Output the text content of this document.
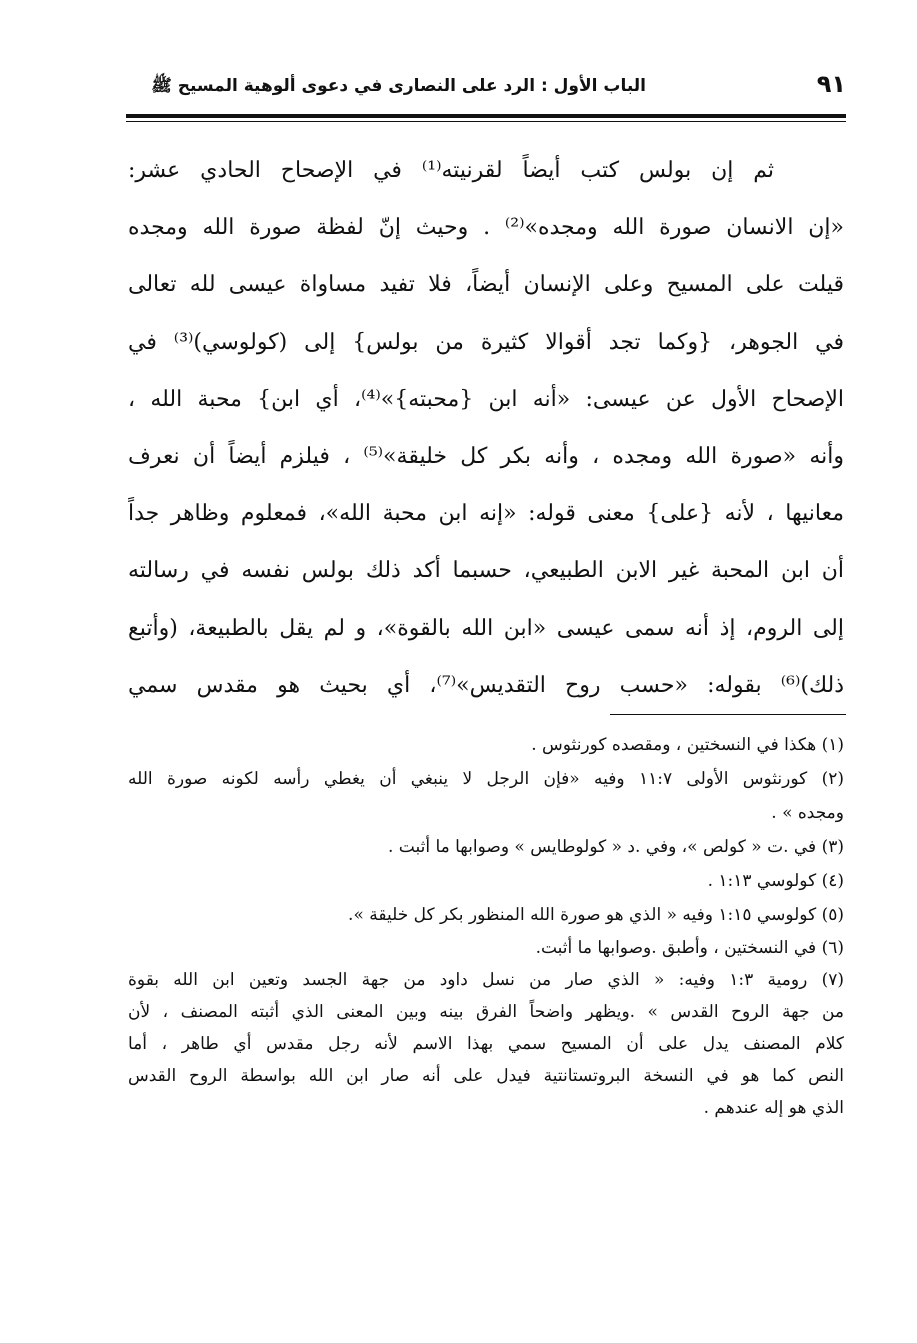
٩١
الباب الأول : الرد على النصارى في دعوى ألوهية المسيح ﷺ
ثم إن بولس كتب أيضاً لقرنيته⁽¹⁾ في الإصحاح الحادي عشر:
«إن الانسان صورة الله ومجده»⁽²⁾ . وحيث إنّ لفظة صورة الله ومجده
قيلت على المسيح وعلى الإنسان أيضاً، فلا تفيد مساواة عيسى لله تعالى
في الجوهر، {وكما تجد أقوالا كثيرة من بولس} إلى (كولوسي)⁽³⁾ في
الإصحاح الأول عن عيسى: «أنه ابن {محبته}»⁽⁴⁾، أي ابن} محبة الله ،
وأنه «صورة الله ومجده ، وأنه بكر كل خليقة»⁽⁵⁾ ، فيلزم أيضاً أن نعرف
معانيها ، لأنه {على} معنى قوله: «إنه ابن محبة الله»، فمعلوم وظاهر جداً
أن ابن المحبة غير الابن الطبيعي، حسبما أكد ذلك بولس نفسه في رسالته
إلى الروم، إذ أنه سمى عيسى «ابن الله بالقوة»، و لم يقل بالطبيعة، (وأتبع
ذلك)⁽⁶⁾ بقوله: «حسب روح التقديس»⁽⁷⁾، أي بحيث هو مقدس سمي
(١) هكذا في النسختين ، ومقصده كورنثوس .
(٢) كورنثوس الأولى ١١:٧ وفيه «فإن الرجل لا ينبغي أن يغطي رأسه لكونه صورة الله
ومجده » .
(٣) في .ت « كولص »، وفي .د « كولوطايس » وصوابها ما أثبت .
(٤) كولوسي ١:١٣ .
(٥) كولوسي ١:١٥ وفيه « الذي هو صورة الله المنظور بكر كل خليقة ».
(٦) في النسختين ، وأطبق .وصوابها ما أثبت.
(٧) رومية ١:٣ وفيه: « الذي صار من نسل داود من جهة الجسد وتعين ابن الله بقوة
من جهة الروح القدس » .ويظهر واضحاً الفرق بينه وبين المعنى الذي أثبته المصنف ، لأن
كلام المصنف يدل على أن المسيح سمي بهذا الاسم لأنه رجل مقدس أي طاهر ، أما
النص كما هو في النسخة البروتستانتية فيدل على أنه صار ابن الله بواسطة الروح القدس
الذي هو إله عندهم .
